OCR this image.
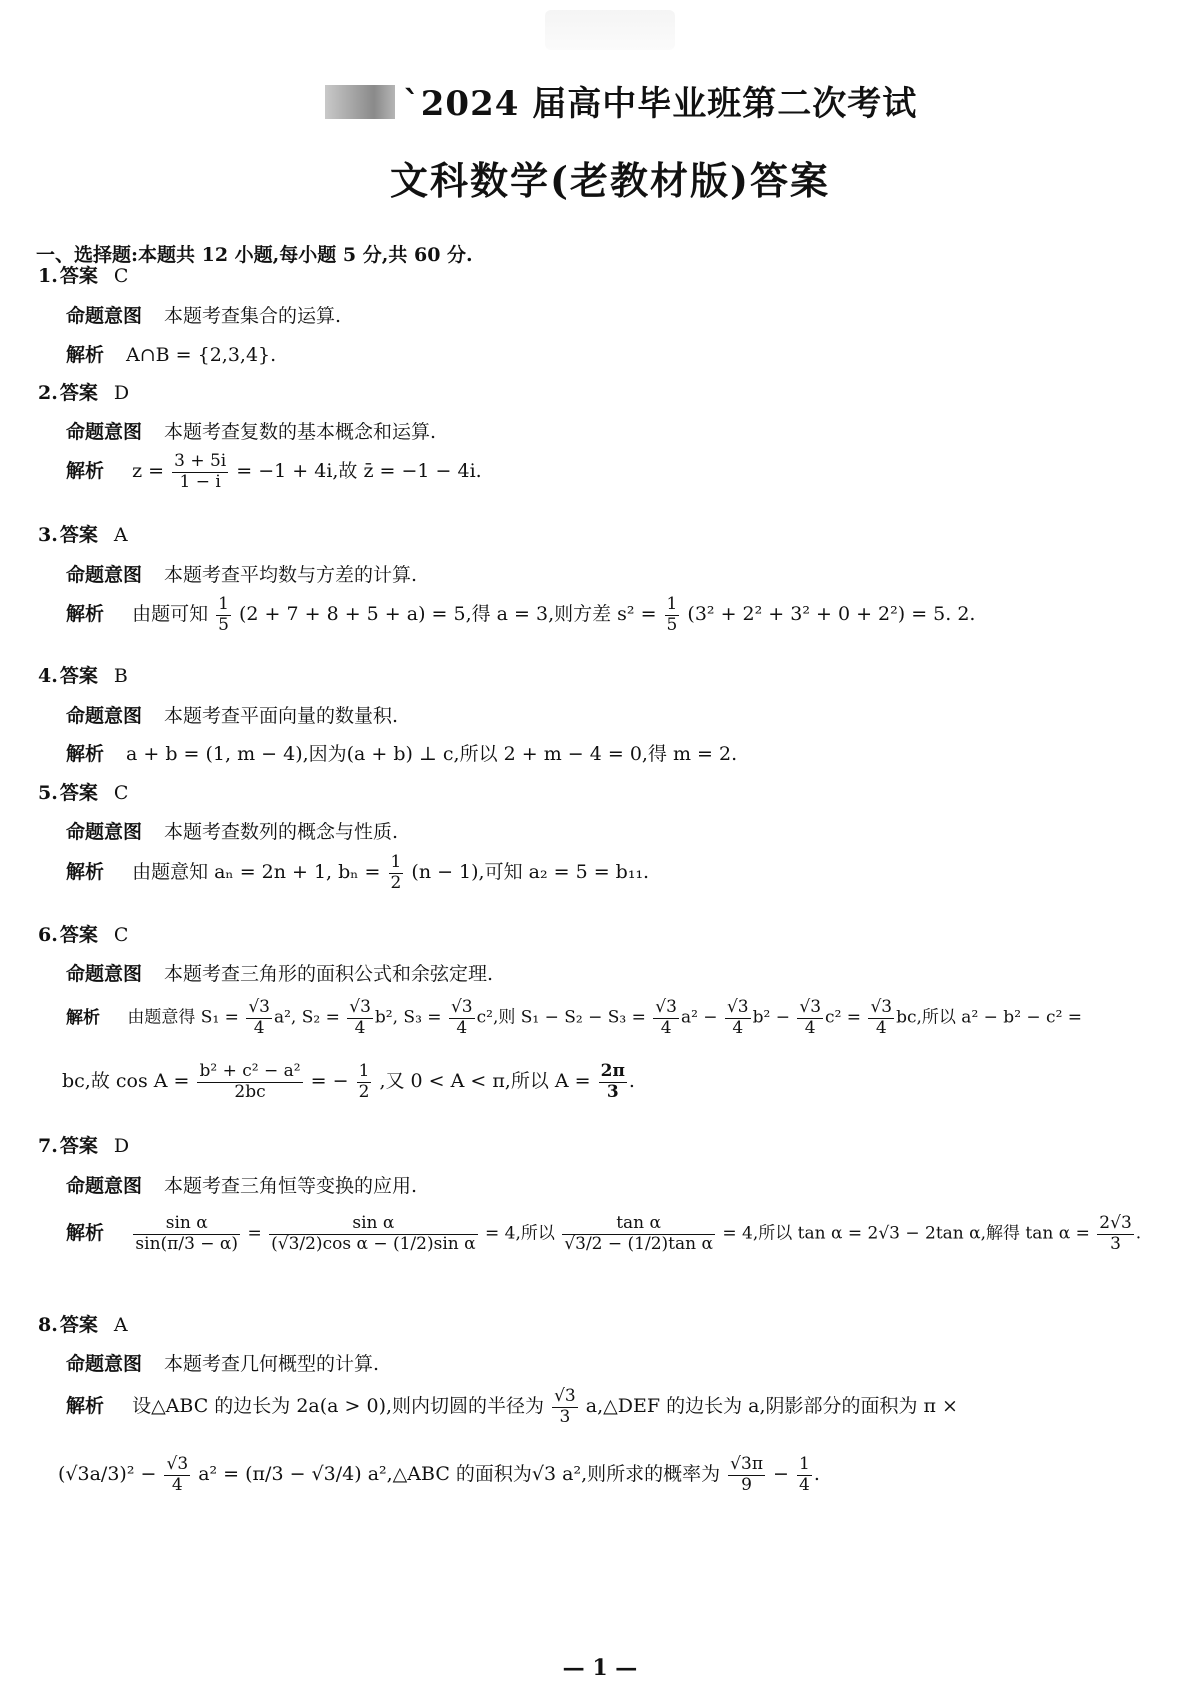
`2024 届高中毕业班第二次考试
文科数学(老教材版)答案
一、选择题:本题共 12 小题,每小题 5 分,共 60 分.
1. 答案 C
命题意图 本题考查集合的运算.
解析 A∩B = {2,3,4}.
2. 答案 D
命题意图 本题考查复数的基本概念和运算.
解析 $z = \frac{3 + 5i}{1 - i} = -1 + 4i$,故 z̄ = −1 − 4i.
3. 答案 A
命题意图 本题考查平均数与方差的计算.
解析 由题可知 $\frac{1}{5} (2 + 7 + 8 + 5 + a) = 5$,得 a = 3,则方差 $s^2 = \frac{1}{5} (3^2 + 2^2 + 3^2 + 0 + 2^2) = 5$. 2.
4. 答案 B
命题意图 本题考查平面向量的数量积.
解析 a + b = (1, m − 4),因为(a + b) ⊥ c,所以 2 + m − 4 = 0,得 m = 2.
5. 答案 C
命题意图 本题考查数列的概念与性质.
解析 由题意知 aₙ = 2n + 1, $b_n = \frac{1}{2} (n - 1)$,可知 a₂ = 5 = b₁₁.
6. 答案 C
命题意图 本题考查三角形的面积公式和余弦定理.
解析 由题意得 $S_1 = \frac{√3}{4} a^2$, $S_2 = \frac{√3}{4} b^2$, $S_3 = \frac{√3}{4} c^2$,则 $S_1 - S_2 - S_3 = \frac{√3}{4} a^2 - \frac{√3}{4} b^2 - \frac{√3}{4} c^2 = \frac{√3}{4}$ bc,所以 a² − b² − c² =
bc,故 $\cos A = \frac{\text{b² + c² − a²}}{2bc}$ = − $\frac{1}{2}$ ,又 0 < A < π,所以 $A = \frac{2\pi}{3}$ .
7. 答案 D
命题意图 本题考查三角恒等变换的应用.
解析 $\frac{\text{sin α}}{\sin(\pi/3 - \alpha)} = \frac{\text{sin α}}{\text{(√3/2)cos α − (1/2)sin α}} = 4$,所以 $\frac{\text{tan α}}{\text{√3/2 − (1/2)tan α}} = 4$,所以 tan α = 2√3 − 2tan α,解得 $\tan \alpha = \frac{2√3}{3}$ .
8. 答案 A
命题意图 本题考查几何概型的计算.
解析 设△ABC 的边长为 2a(a > 0),则内切圆的半径为 $\frac{√3}{3}$ a,△DEF 的边长为 a,阴影部分的面积为 π ×
$(√3a/3)^2 - \frac{√3}{4} a^2 = (\pi/3 - √3/4)$ a²,△ABC 的面积为√3 a²,则所求的概率为 $\frac{√3\pi}{9} - \frac{1}{4}$ .
— 1 —
